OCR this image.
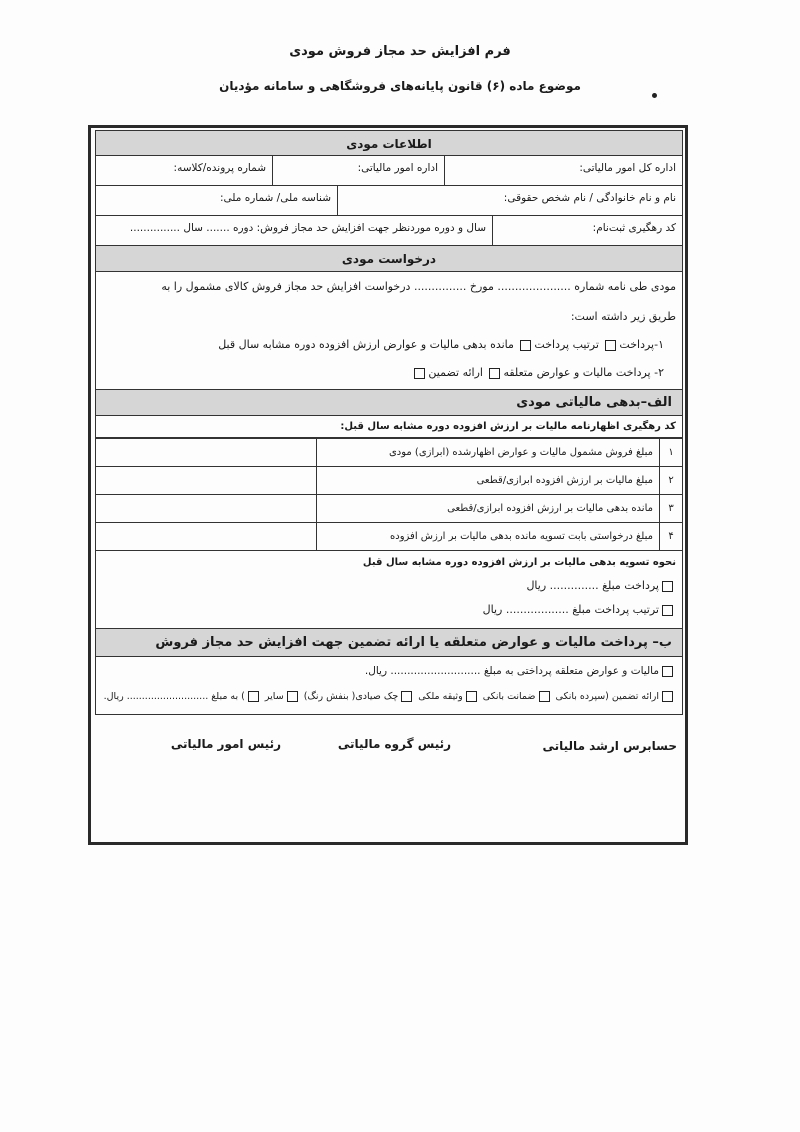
فرم افزایش حد مجاز فروش مودی
موضوع ماده (۶) قانون پایانه‌های فروشگاهی و سامانه مؤدیان
اطلاعات مودی
اداره کل امور مالیاتی:
اداره امور مالیاتی:
شماره پرونده/کلاسه:
نام و نام خانوادگی / نام شخص حقوقی:
شناسه ملی/ شماره ملی:
کد رهگیری ثبت‌نام:
سال و دوره موردنظر جهت افزایش حد مجاز فروش: دوره ....... سال ...............
درخواست مودی
مودی طی نامه شماره ..................... مورخ ............... درخواست افزایش حد مجاز فروش کالای مشمول را به
طریق زیر داشته است:
۱-پرداخت ترتیب پرداخت مانده بدهی مالیات و عوارض ارزش افزوده دوره مشابه سال قبل
۲- پرداخت مالیات و عوارض متعلقه ارائه تضمین
الف–بدهی مالیاتی مودی
کد رهگیری اظهارنامه مالیات بر ارزش افزوده دوره مشابه سال قبل:
۱	مبلغ فروش مشمول مالیات و عوارض اظهارشده (ابرازی) مودی	
۲	مبلغ مالیات بر ارزش افزوده ابرازی/قطعی	
۳	مانده بدهی مالیات بر ارزش افزوده ابرازی/قطعی	
۴	مبلغ درخواستی بابت تسویه مانده بدهی مالیات بر ارزش افزوده	
نحوه تسویه بدهی مالیات بر ارزش افزوده دوره مشابه سال قبل
پرداخت مبلغ .............. ریال
ترتیب پرداخت مبلغ .................. ریال
ب– پرداخت مالیات و عوارض متعلقه یا ارائه تضمین جهت افزایش حد مجاز فروش
مالیات و عوارض متعلقه پرداختی به مبلغ ........................... ریال.
ارائه تضمین (سپرده بانکی ضمانت بانکی وثیقه ملکی چک صیادی( بنفش رنگ) سایر ) به مبلغ ........................... ریال.
حسابرس ارشد مالیاتی
رئیس گروه مالیاتی
رئیس امور مالیاتی
